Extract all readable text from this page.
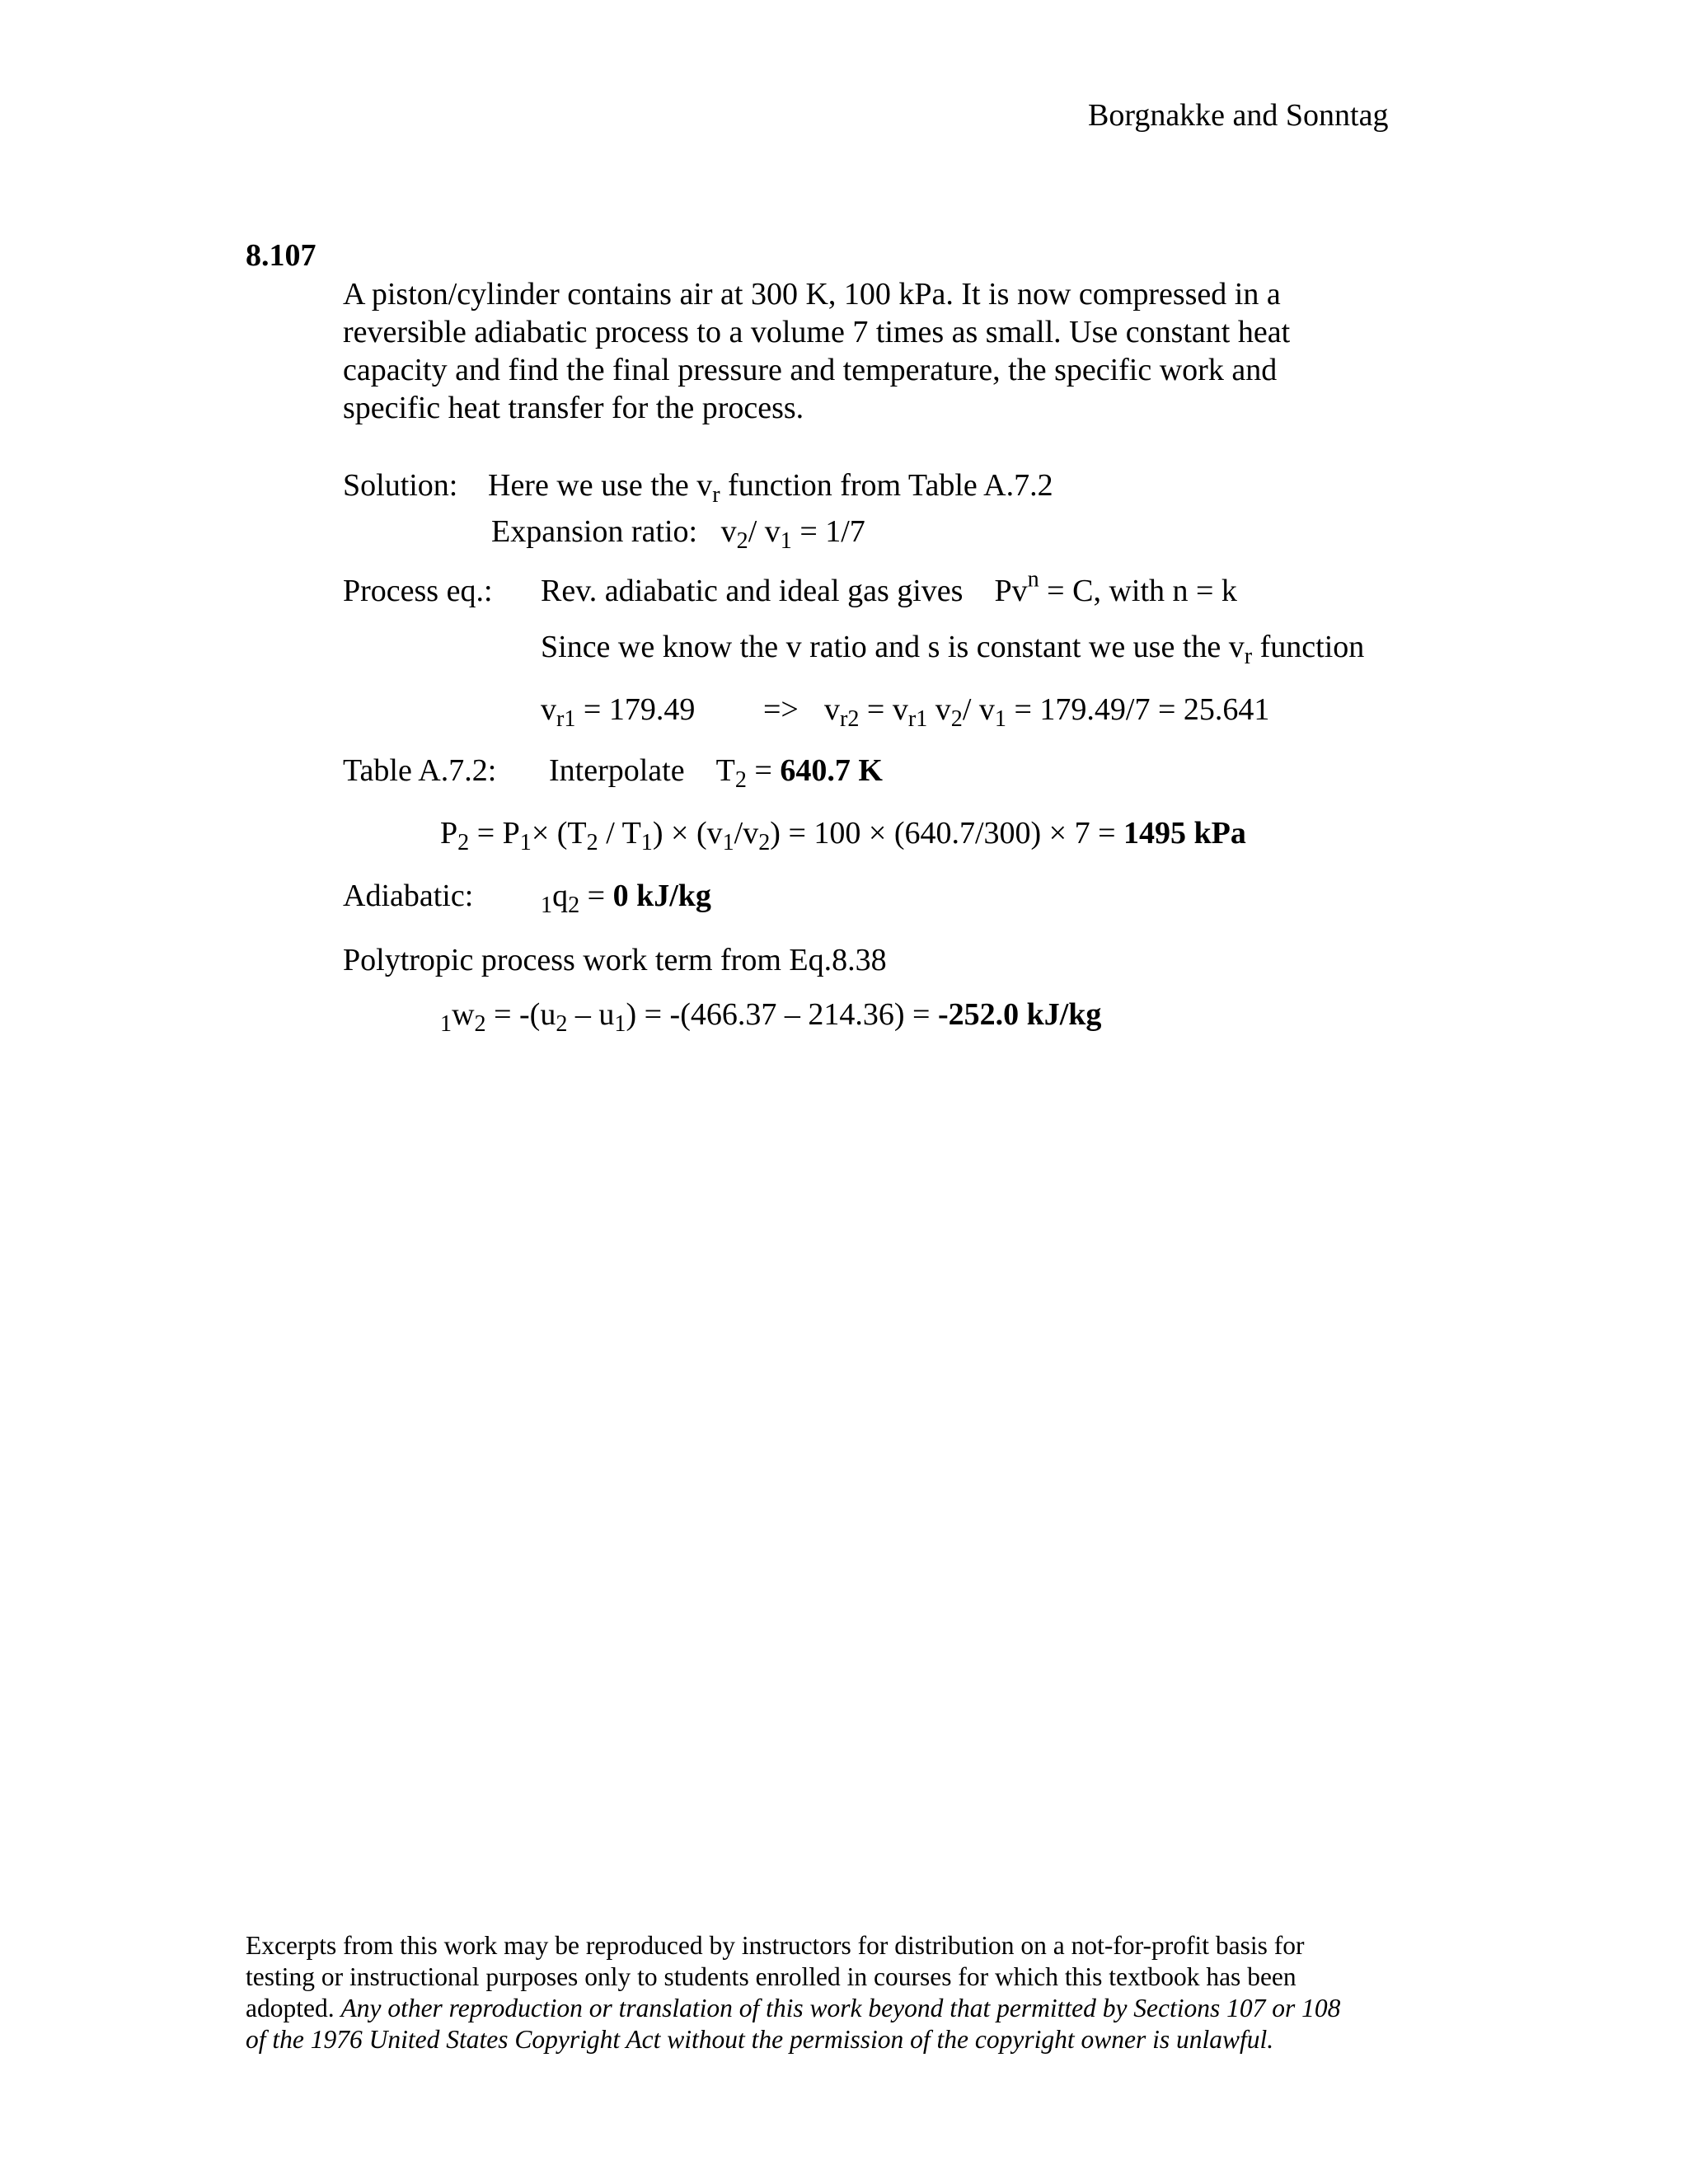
Borgnakke and Sonntag
8.107
A piston/cylinder contains air at 300 K, 100 kPa. It is now compressed in a
reversible adiabatic process to a volume 7 times as small. Use constant heat
capacity and find the final pressure and temperature, the specific work and
specific heat transfer for the process.
Solution: Here we use the $v_r$ function from Table A.7.2
Expansion ratio: $v_2/$ $v_1 = 1/7$
Process eq.: Rev. adiabatic and ideal gas gives $Pv^n = C$, with n = k
Since we know the v ratio and s is constant we use the $v_r$ function
$v_{r1} = 179.49 => v_{r2} = v_{r1}$ $v_2/$ $v_1 = 179.49/7 = 25.641$
Table A.7.2: Interpolate $T_2 = 640.7$ K
$P_2 = P_1\times (T_2 / T_1) \times (v_1/v_2) = 100 \times (640.7/300) \times 7 = 1495$ kPa
Adiabatic:	$1q_2 = 0$ kJ/kg
Polytropic process work term from Eq.8.38
$1w_2 = -(u_2 - u_1) = -(466.37 - 214.36) = -252.0$ kJ/kg
Excerpts from this work may be reproduced by instructors for distribution on a not-for-profit basis for
testing or instructional purposes only to students enrolled in courses for which this textbook has been
adopted. Any other reproduction or translation of this work beyond that permitted by Sections 107 or 108
of the 1976 United States Copyright Act without the permission of the copyright owner is unlawful.
